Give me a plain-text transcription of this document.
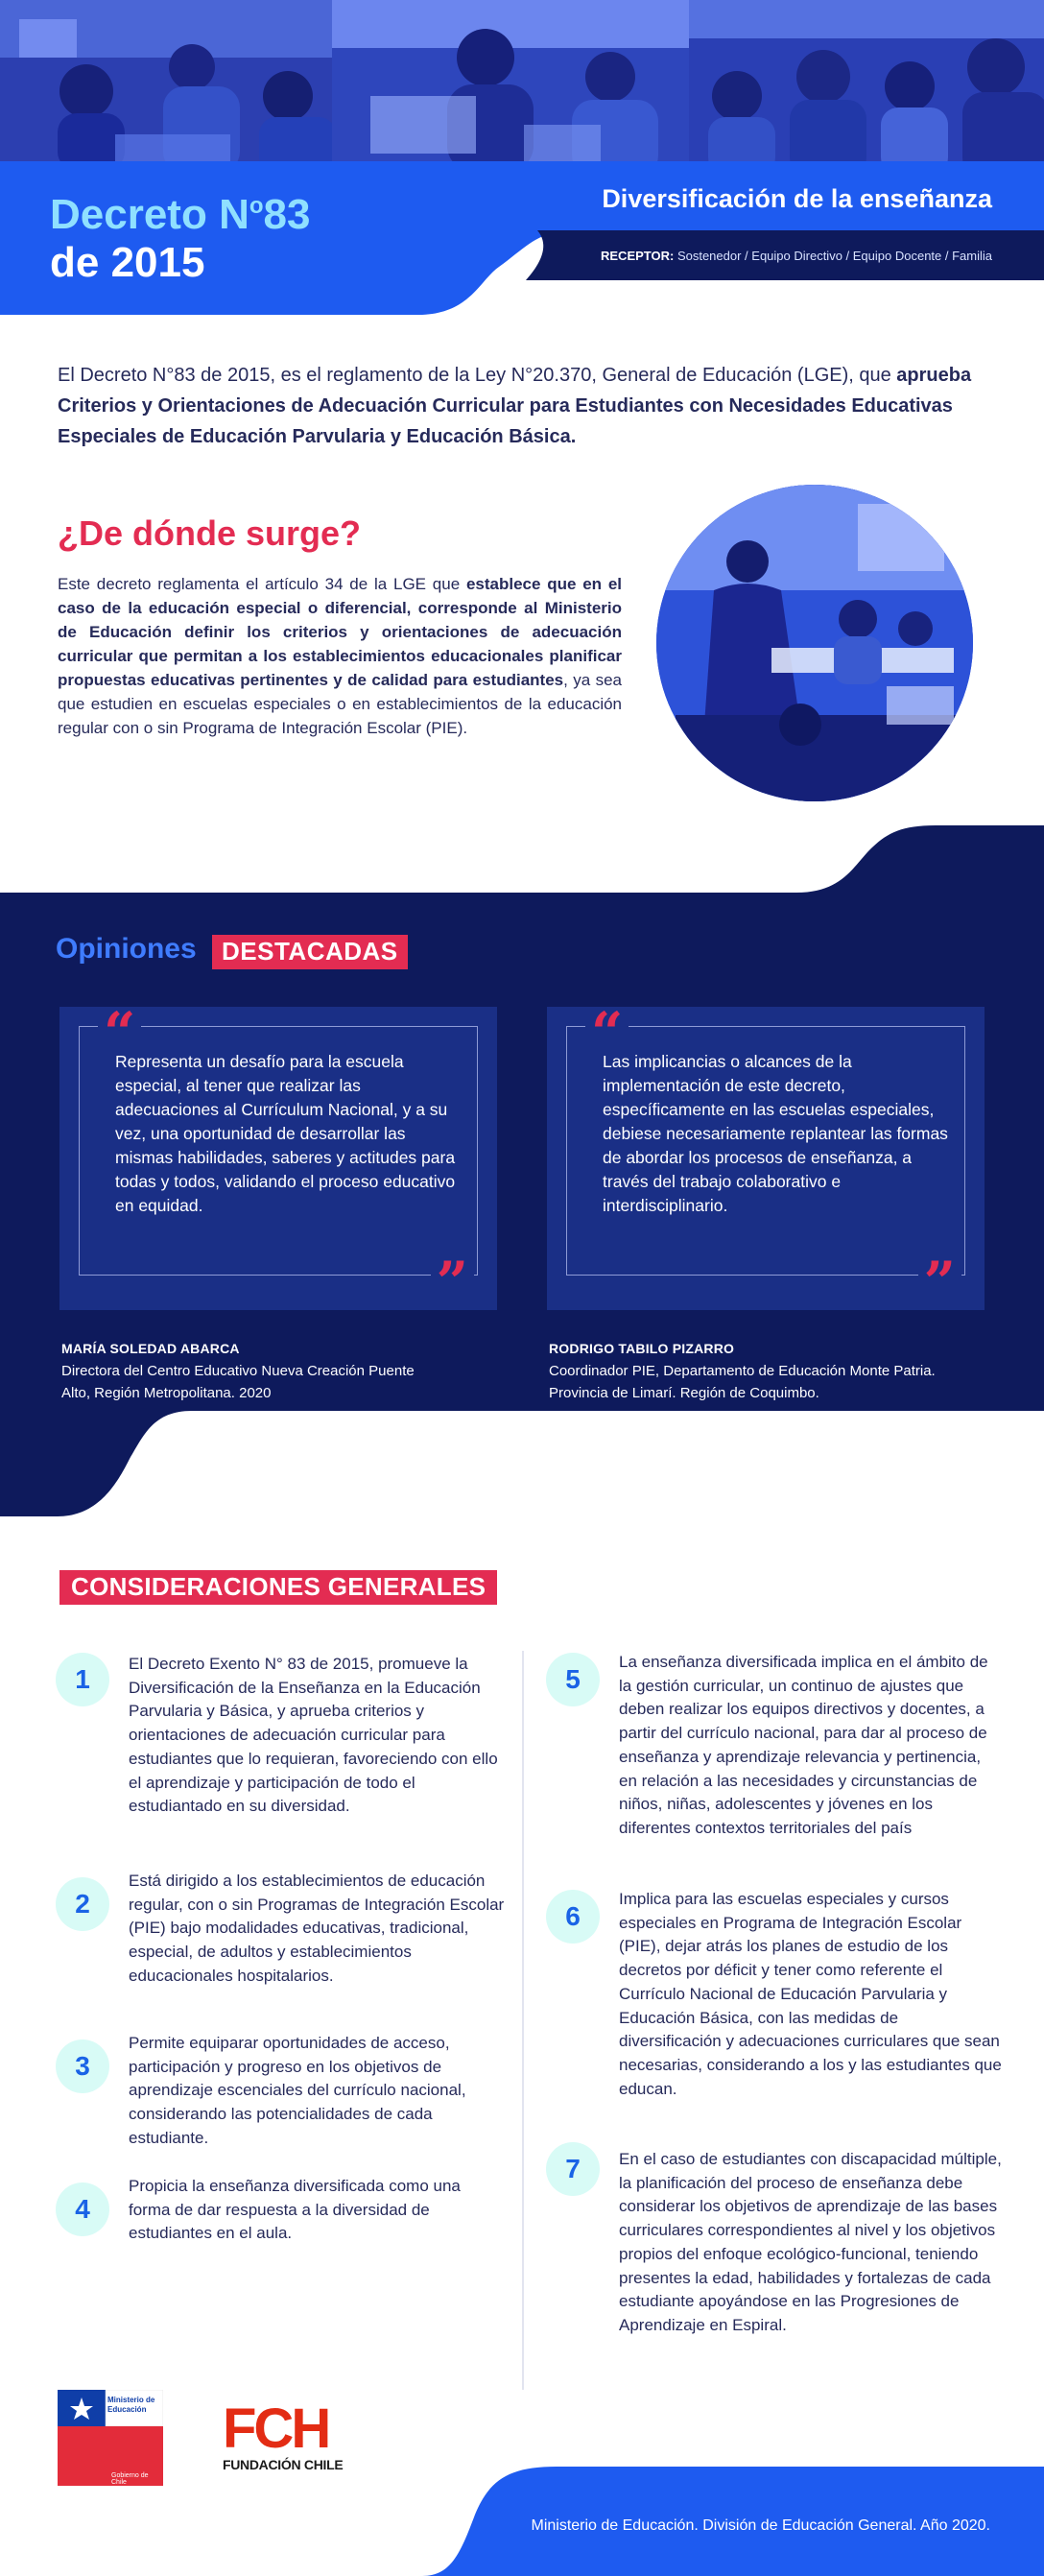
Decreto $N^o83$
de 2015
Diversificación de la enseñanza
RECEPTOR: Sostenedor / Equipo Directivo / Equipo Docente / Familia

El Decreto N°83 de 2015, es el reglamento de la Ley N°20.370, General de Educación (LGE), que aprueba Criterios y Orientaciones de Adecuación Curricular para Estudiantes con Necesidades Educativas Especiales de Educación Parvularia y Educación Básica.

¿De dónde surge?

Este decreto reglamenta el artículo 34 de la LGE que establece que en el caso de la educación especial o diferencial, corresponde al Ministerio de Educación definir los criterios y orientaciones de adecuación curricular que permitan a los establecimientos educacionales planificar propuestas educativas pertinentes y de calidad para estudiantes, ya sea que estudien en escuelas especiales o en establecimientos de la educación regular con o sin Programa de Integración Escolar (PIE).

Opiniones	DESTACADAS
“
Representa un desafío para la escuela especial, al tener que realizar las adecuaciones al Currículum Nacional, y a su vez, una oportunidad de desarrollar las mismas habilidades, saberes y actitudes para todas y todos, validando el proceso educativo en equidad.
”
“
Las implicancias o alcances de la implementación de este decreto, específicamente en las escuelas especiales, debiese necesariamente replantear las formas de abordar los procesos de enseñanza, a través del trabajo colaborativo e interdisciplinario.
”
MARÍA SOLEDAD ABARCA
Directora del Centro Educativo Nueva Creación Puente Alto, Región Metropolitana. 2020
RODRIGO TABILO PIZARRO
Coordinador PIE, Departamento de Educación Monte Patria. Provincia de Limarí. Región de Coquimbo.
CONSIDERACIONES GENERALES
1
El Decreto Exento N° 83 de 2015, promueve la Diversificación de la Enseñanza en la Educación Parvularia y Básica, y aprueba criterios y orientaciones de adecuación curricular para estudiantes que lo requieran, favoreciendo con ello el aprendizaje y participación de todo el estudiantado en su diversidad.
2
Está dirigido a los establecimientos de educación regular, con o sin Programas de Integración Escolar (PIE) bajo modalidades educativas, tradicional, especial, de adultos y establecimientos educacionales hospitalarios.
3
Permite equiparar oportunidades de acceso, participación y progreso en los objetivos de aprendizaje escenciales del currículo nacional, considerando las potencialidades de cada estudiante.
4
Propicia la enseñanza diversificada como una forma de dar respuesta a la diversidad de estudiantes en el aula.
5
La enseñanza diversificada implica en el ámbito de la gestión curricular, un continuo de ajustes que deben realizar los equipos directivos y docentes, a partir del currículo nacional, para dar al proceso de enseñanza y aprendizaje relevancia y pertinencia, en relación a las necesidades y circunstancias de niños, niñas, adolescentes y jóvenes en los diferentes contextos territoriales del país
6
Implica para las escuelas especiales y cursos especiales en Programa de Integración Escolar (PIE), dejar atrás los planes de estudio de los decretos por déficit y tener como referente el Currículo Nacional de Educación Parvularia y Educación Básica, con las medidas de diversificación y adecuaciones curriculares que sean necesarias, considerando a los y las estudiantes que educan.
7	En el caso de estudiantes con discapacidad múltiple, la planificación del proceso de enseñanza debe considerar los objetivos de aprendizaje de las bases curriculares correspondientes al nivel y los objetivos propios del enfoque ecológico-funcional, teniendo presentes la edad, habilidades y fortalezas de cada estudiante apoyándose en las Progresiones de Aprendizaje en Espiral.
Ministerio de
Educación
Gobierno de Chile
FCH
FUNDACIÓN CHILE
Ministerio de Educación. División de Educación General. Año 2020.
